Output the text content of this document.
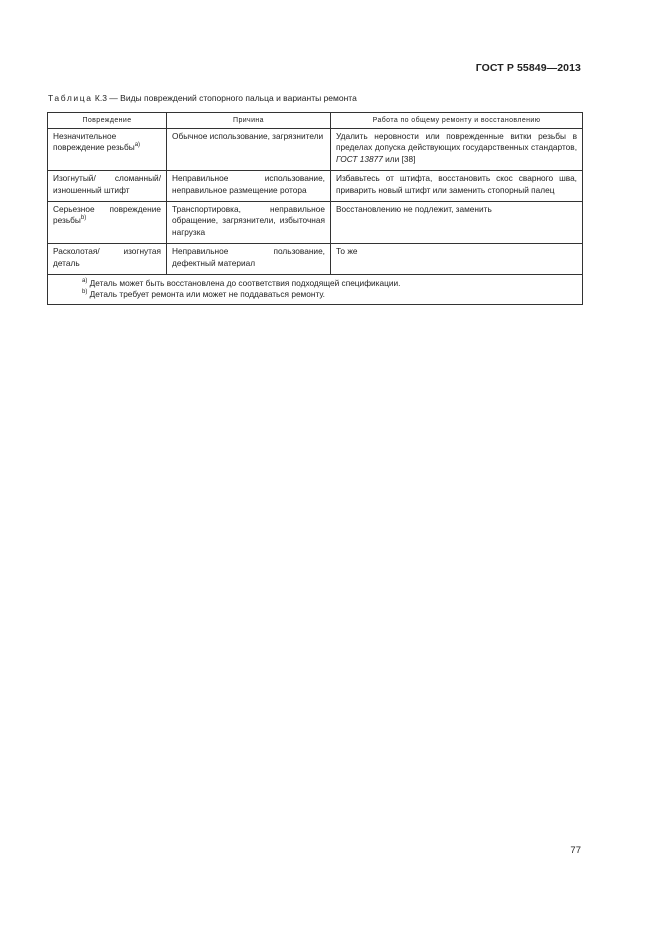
ГОСТ Р 55849—2013
Таблица К.3 — Виды повреждений стопорного пальца и варианты ремонта
Повреждение	Причина	Работа по общему ремонту и восстановлению
Незначительное повреждение резьбы$^{a)}$	Обычное использование, загрязнители	Удалить неровности или поврежденные витки резьбы в пределах допуска действующих государственных стандартов, ГОСТ 13877 или [38]
Изогнутый/ сломанный/ изношенный штифт	Неправильное использование, неправильное размещение ротора	Избавьтесь от штифта, восстановить скос сварного шва, приварить новый штифт или заменить стопорный палец
Серьезное повреждение резьбы$^{b)}$	Транспортировка, неправильное обращение, загрязнители, избыточная нагрузка	Восстановлению не подлежит, заменить
Расколотая/ изогнутая деталь	Неправильное пользование, дефектный материал	То же

$^{a)}$ Деталь может быть восстановлена до соответствия подходящей спецификации.
$^{b)}$ Деталь требует ремонта или может не поддаваться ремонту.		
77
